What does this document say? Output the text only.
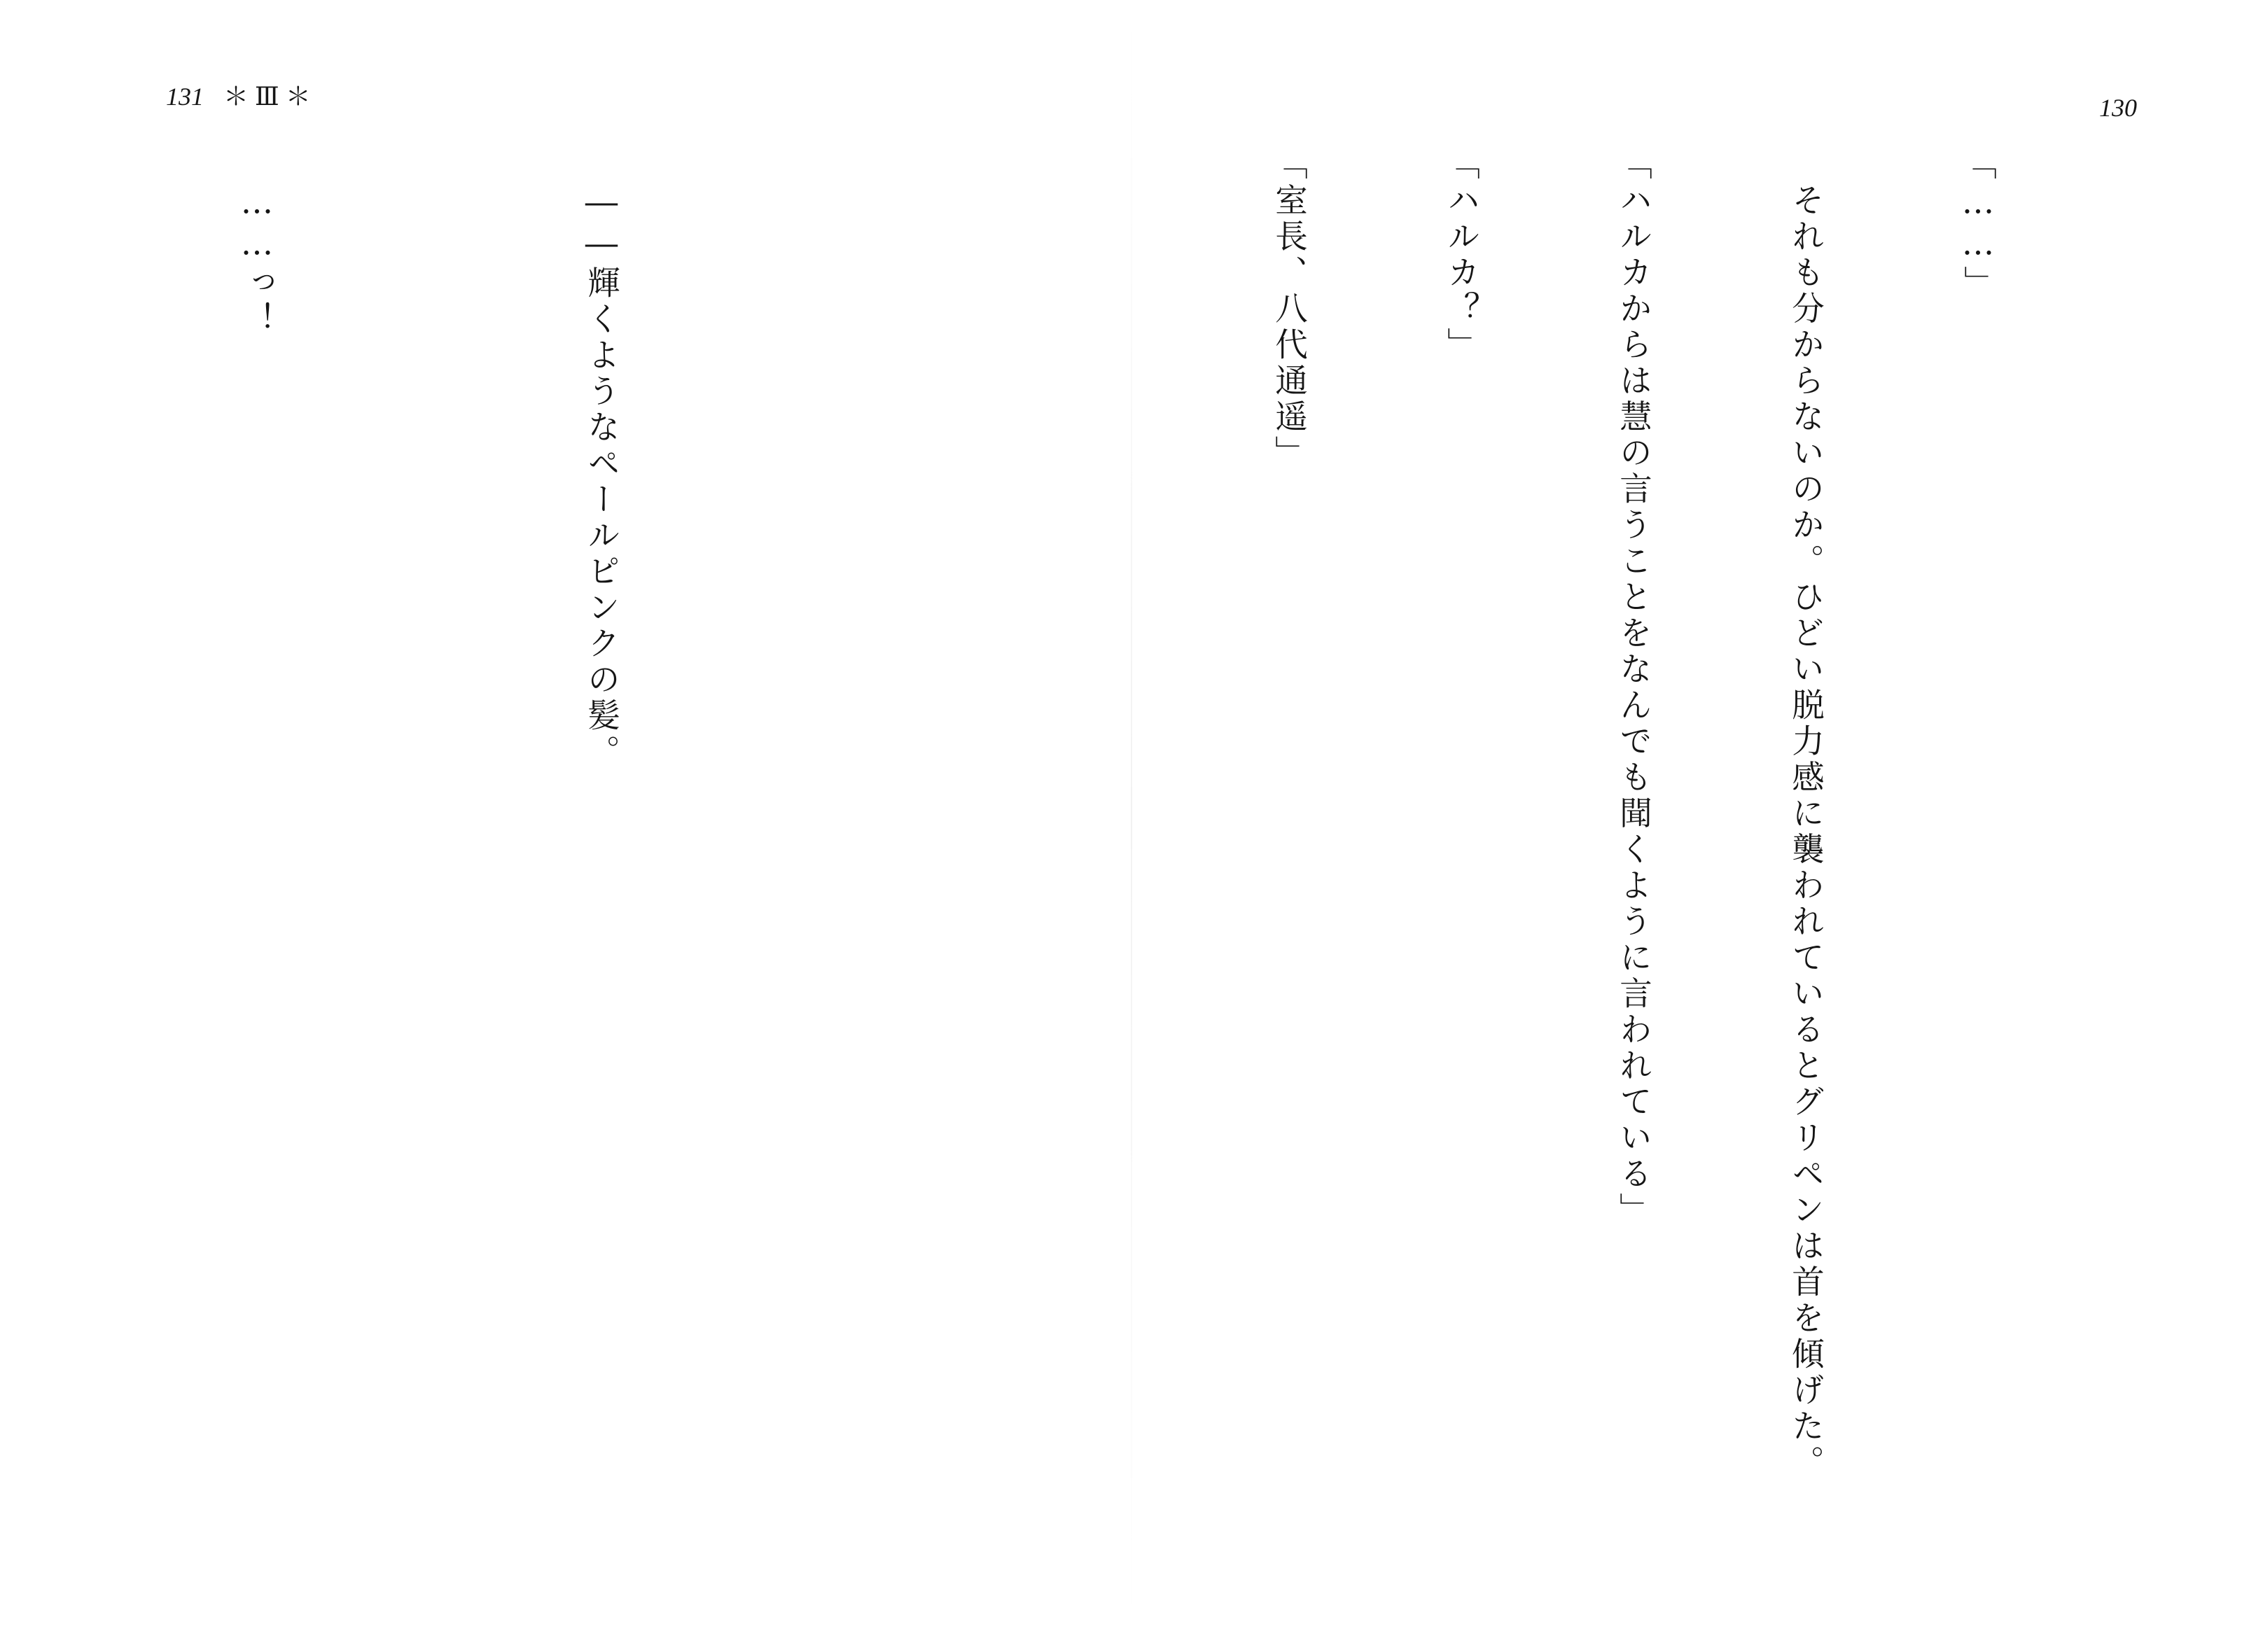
131 ＊ Ⅲ ＊	130

「……」

　それも分からないのか。ひどい脱力感に襲われているとグリペンは首を傾げた。

「ハルカからは慧の言うことをなんでも聞くように言われている」

「ハルカ？」

「室長、八代通遥」

　――輝くようなペールピンクの髪。

　……っ！
